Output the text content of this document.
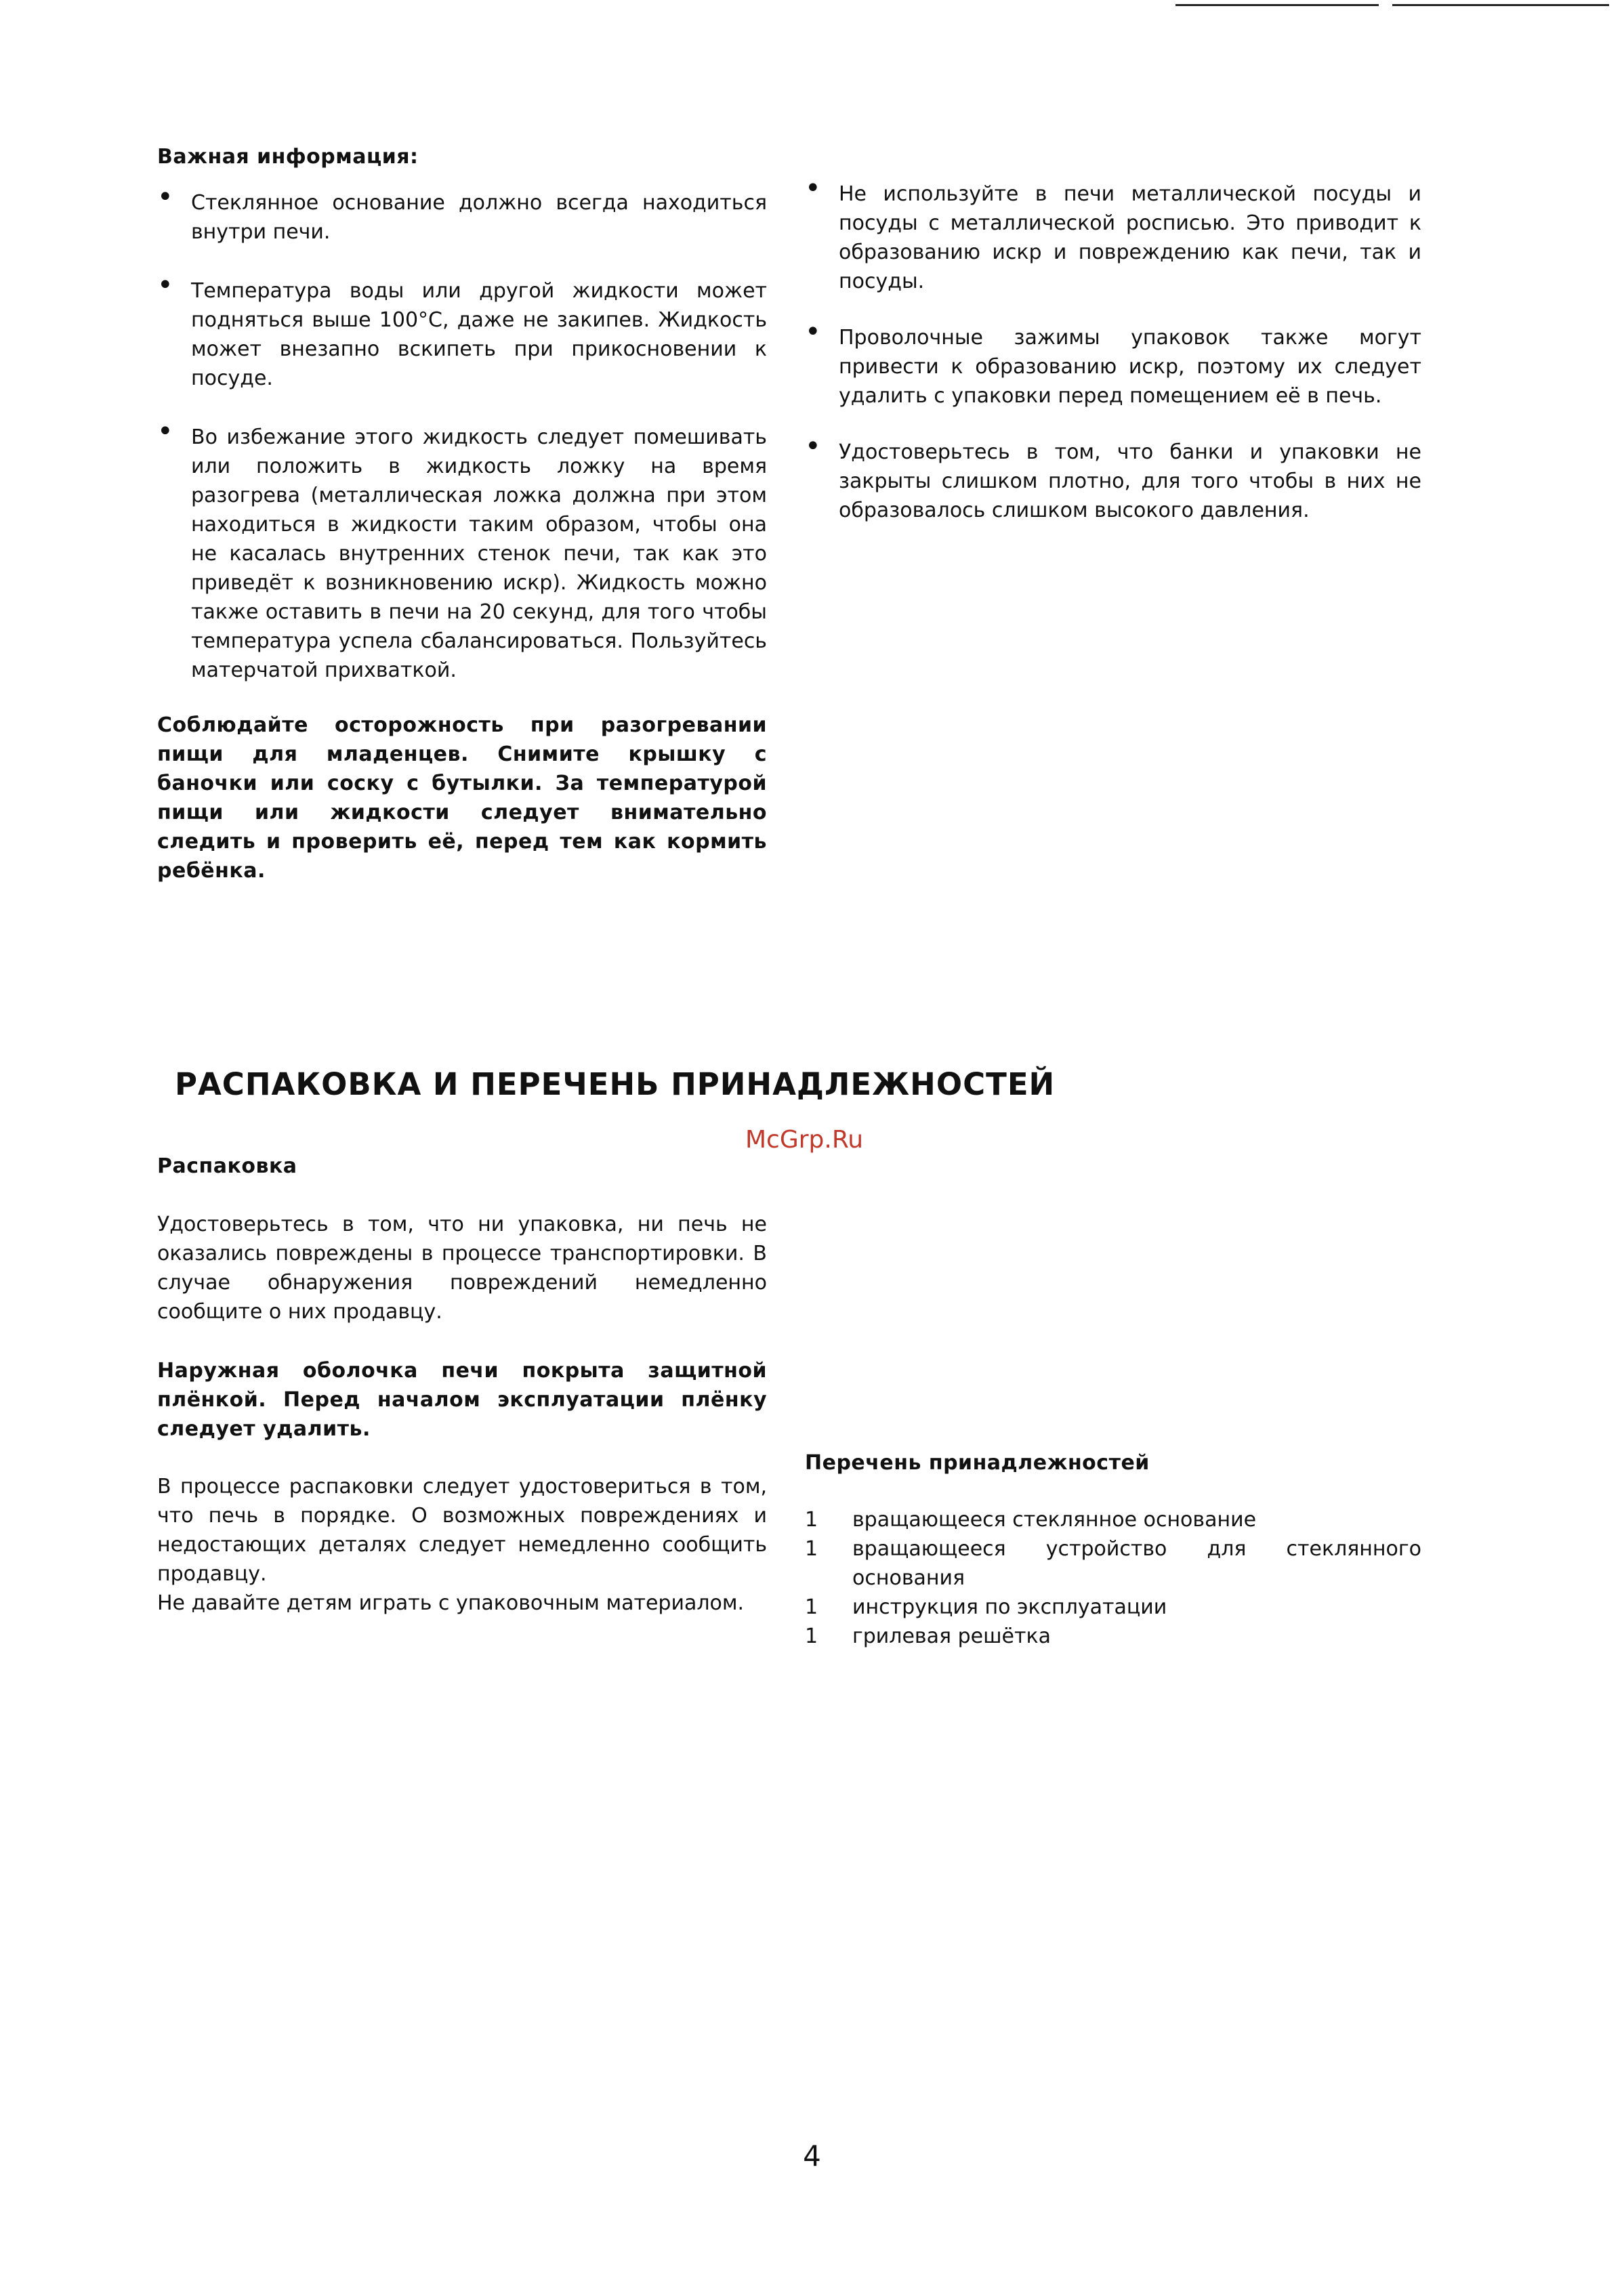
Важная информация:
• Стеклянное основание должно всегда находиться внутри печи.
• Температура воды или другой жидкости может подняться выше 100°С, даже не закипев. Жидкость может внезапно вскипеть при прикосновении к посуде.
• Во избежание этого жидкость следует помешивать или положить в жидкость ложку на время разогрева (металлическая ложка должна при этом находиться в жидкости таким образом, чтобы она не касалась внутренних стенок печи, так как это приведёт к возникновению искр). Жидкость можно также оставить в печи на 20 секунд, для того чтобы температура успела сбалансироваться. Пользуйтесь матерчатой прихваткой.

Соблюдайте осторожность при разогревании пищи для младенцев. Снимите крышку с баночки или соску с бутылки. За температурой пищи или жидкости следует внимательно следить и проверить её, перед тем как кормить ребёнка.

• Не используйте в печи металлической посуды и посуды с металлической росписью. Это приводит к образованию искр и повреждению как печи, так и посуды.
• Проволочные зажимы упаковок также могут привести к образованию искр, поэтому их следует удалить с упаковки перед помещением её в печь.
• Удостоверьтесь в том, что банки и упаковки не закрыты слишком плотно, для того чтобы в них не образовалось слишком высокого давления.
РАСПАКОВКА И ПЕРЕЧЕНЬ ПРИНАДЛЕЖНОСТЕЙ
McGrp.Ru
Распаковка

Удостоверьтесь в том, что ни упаковка, ни печь не оказались повреждены в процессе транспортировки. В случае обнаружения повреждений немедленно сообщите о них продавцу.

Наружная оболочка печи покрыта защитной плёнкой. Перед началом эксплуатации плёнку следует удалить.

В процессе распаковки следует удостовериться в том, что печь в порядке. О возможных повреждениях и недостающих деталях следует немедленно сообщить продавцу.

Не давайте детям играть с упаковочным материалом.

Перечень принадлежностей
1	вращающееся стеклянное основание
1	вращающееся устройство для стеклянного основания
1	инструкция по эксплуатации
1	грилевая решётка
4
